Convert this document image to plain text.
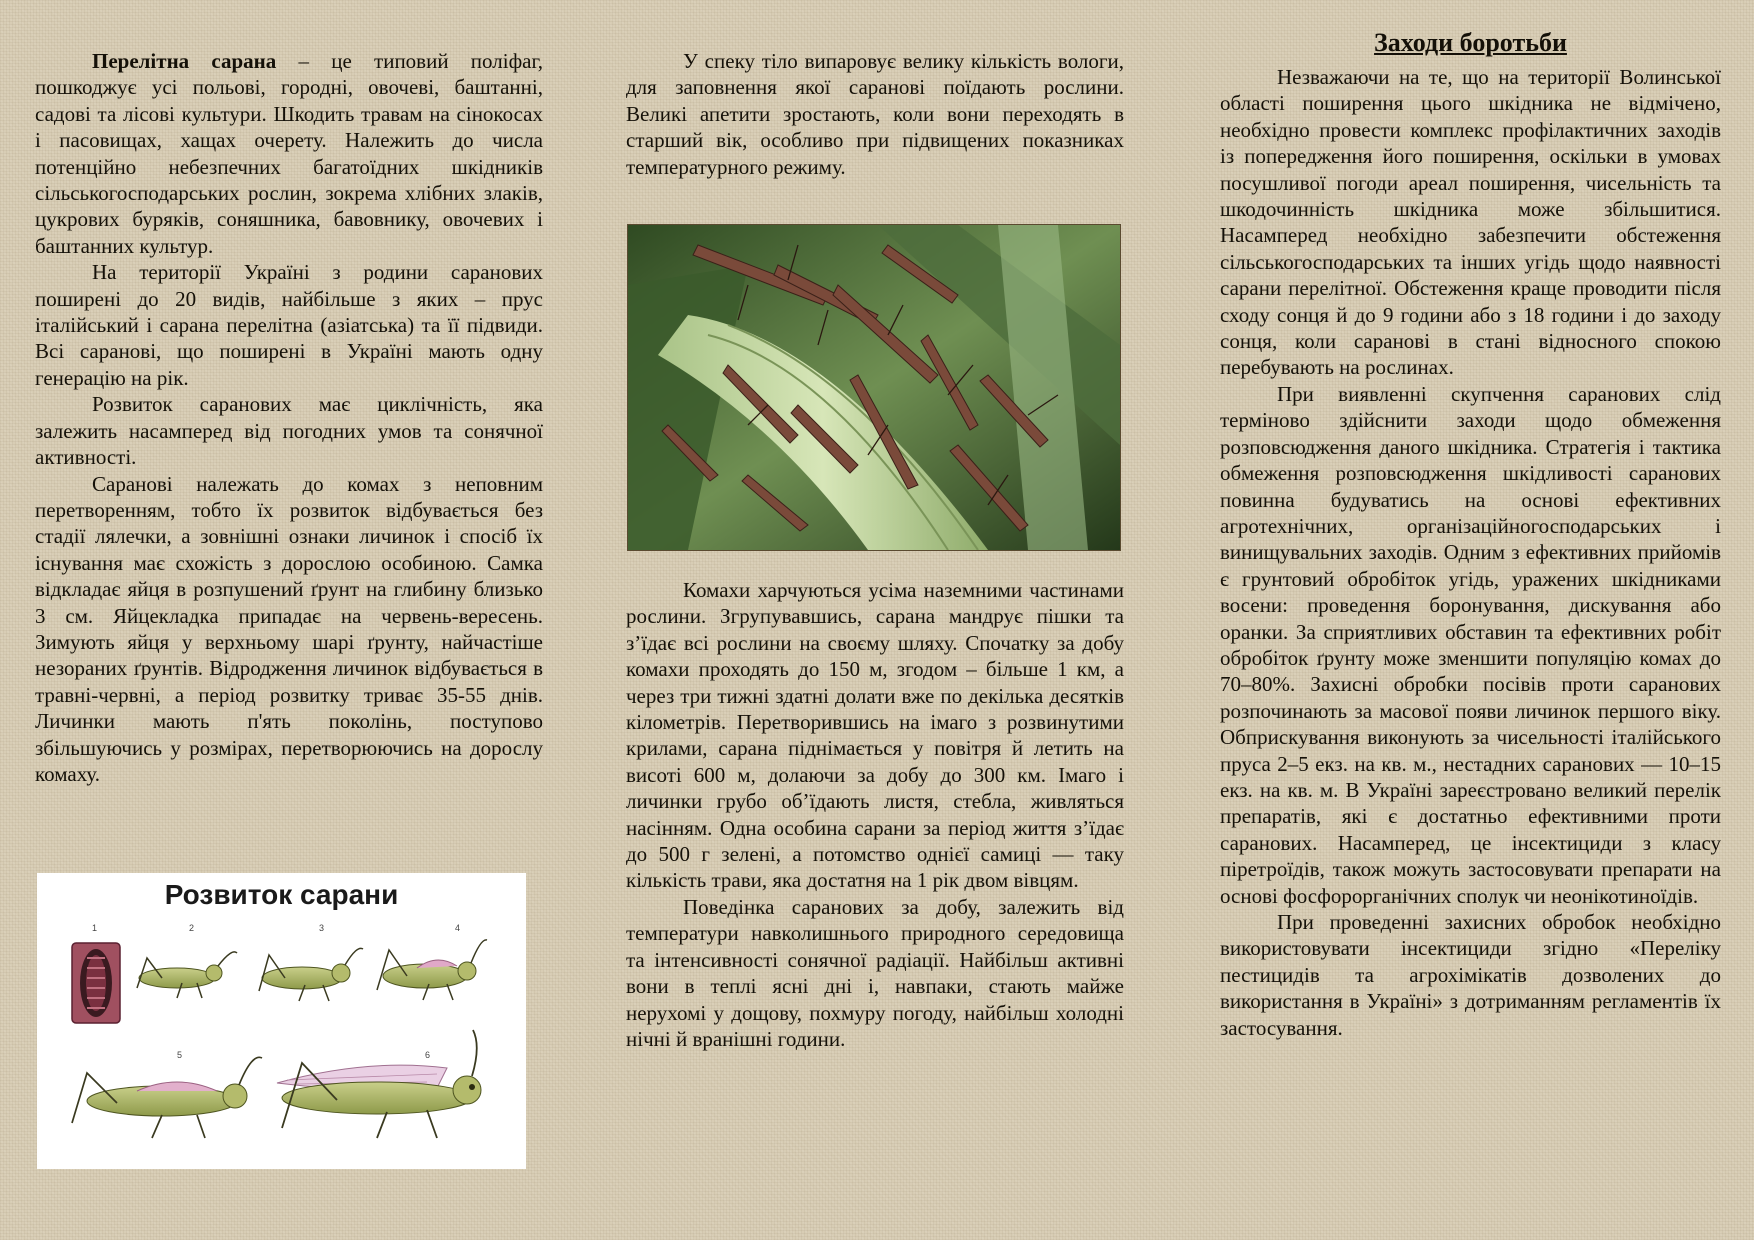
Перелітна сарана – це типовий поліфаг, пошкоджує усі польові, городні, овочеві, баштанні, садові та лісові культури. Шкодить травам на сінокосах і пасовищах, хащах очерету. Належить до числа потенційно небезпечних багатоїдних шкідників сільськогосподарських рослин, зокрема хлібних злаків, цукрових буряків, соняшника, бавовнику, овочевих і баштанних культур.

На території Україні з родини саранових поширені до 20 видів, найбільше з яких – прус італійський і сарана перелітна (азіатська) та її підвиди. Всі саранові, що поширені в Україні мають одну генерацію на рік.

Розвиток саранових має циклічність, яка залежить насамперед від погодних умов та сонячної активності.

Саранові належать до комах з неповним перетворенням, тобто їх розвиток відбувається без стадії лялечки, а зовнішні ознаки личинок і спосіб їх існування має схожість з дорослою особиною. Самка відкладає яйця в розпушений ґрунт на глибину близько 3 см. Яйцекладка припадає на червень-вересень. Зимують яйця у верхньому шарі ґрунту, найчастіше незораних ґрунтів. Відродження личинок відбувається в травні-червні, а період розвитку триває 35-55 днів. Личинки мають п'ять поколінь, поступово збільшуючись у розмірах, перетворюючись на дорослу комаху.

Розвиток сарани
1	2	3	4
5	6

У спеку тіло випаровує велику кількість вологи, для заповнення якої саранові поїдають рослини. Великі апетити зростають, коли вони переходять в старший вік, особливо при підвищених показниках температурного режиму.

Комахи харчуються усіма наземними частинами рослини. Згрупувавшись, сарана мандрує пішки та з’їдає всі рослини на своєму шляху. Спочатку за добу комахи проходять до 150 м, згодом – більше 1 км, а через три тижні здатні долати вже по декілька десятків кілометрів. Перетворившись на імаго з розвинутими крилами, сарана піднімається у повітря й летить на висоті 600 м, долаючи за добу до 300 км. Імаго і личинки грубо об’їдають листя, стебла, живляться насінням. Одна особина сарани за період життя з’їдає до 500 г зелені, а потомство однієї самиці — таку кількість трави, яка достатня на 1 рік двом вівцям.

Поведінка саранових за добу, залежить від температури навколишнього природного середовища та інтенсивності сонячної радіації. Найбільш активні вони в теплі ясні дні і, навпаки, стають майже нерухомі у дощову, похмуру погоду, найбільш холодні нічні й вранішні години.

Заходи боротьби

Незважаючи на те, що на території Волинської області поширення цього шкідника не відмічено, необхідно провести комплекс профілактичних заходів із попередження його поширення, оскільки в умовах посушливої погоди ареал поширення, чисельність та шкодочинність шкідника може збільшитися. Насамперед необхідно забезпечити обстеження сільськогосподарських та інших угідь щодо наявності сарани перелітної. Обстеження краще проводити після сходу сонця й до 9 години або з 18 години і до заходу сонця, коли саранові в стані відносного спокою перебувають на рослинах.

При виявленні скупчення саранових слід терміново здійснити заходи щодо обмеження розповсюдження даного шкідника. Стратегія і тактика обмеження розповсюдження шкідливості саранових повинна будуватись на основі ефективних агротехнічних, організаційногосподарських і винищувальних заходів. Одним з ефективних прийомів є грунтовий обробіток угідь, уражених шкідниками восени: проведення боронування, дискування або оранки. За сприятливих обставин та ефективних робіт обробіток ґрунту може зменшити популяцію комах до 70–80%. Захисні обробки посівів проти саранових розпочинають за масової появи личинок першого віку. Обприскування виконують за чисельності італійського пруса 2–5 екз. на кв. м., нестадних саранових — 10–15 екз. на кв. м. В Україні зареєстровано великий перелік препаратів, які є достатньо ефективними проти саранових. Насамперед, це інсектициди з класу піретроїдів, також можуть застосовувати препарати на основі фосфорорганічних сполук чи неонікотиноїдів.

При проведенні захисних обробок необхідно використовувати інсектициди згідно «Переліку пестицидів та агрохімікатів дозволених до використання в Україні» з дотриманням регламентів їх застосування.
